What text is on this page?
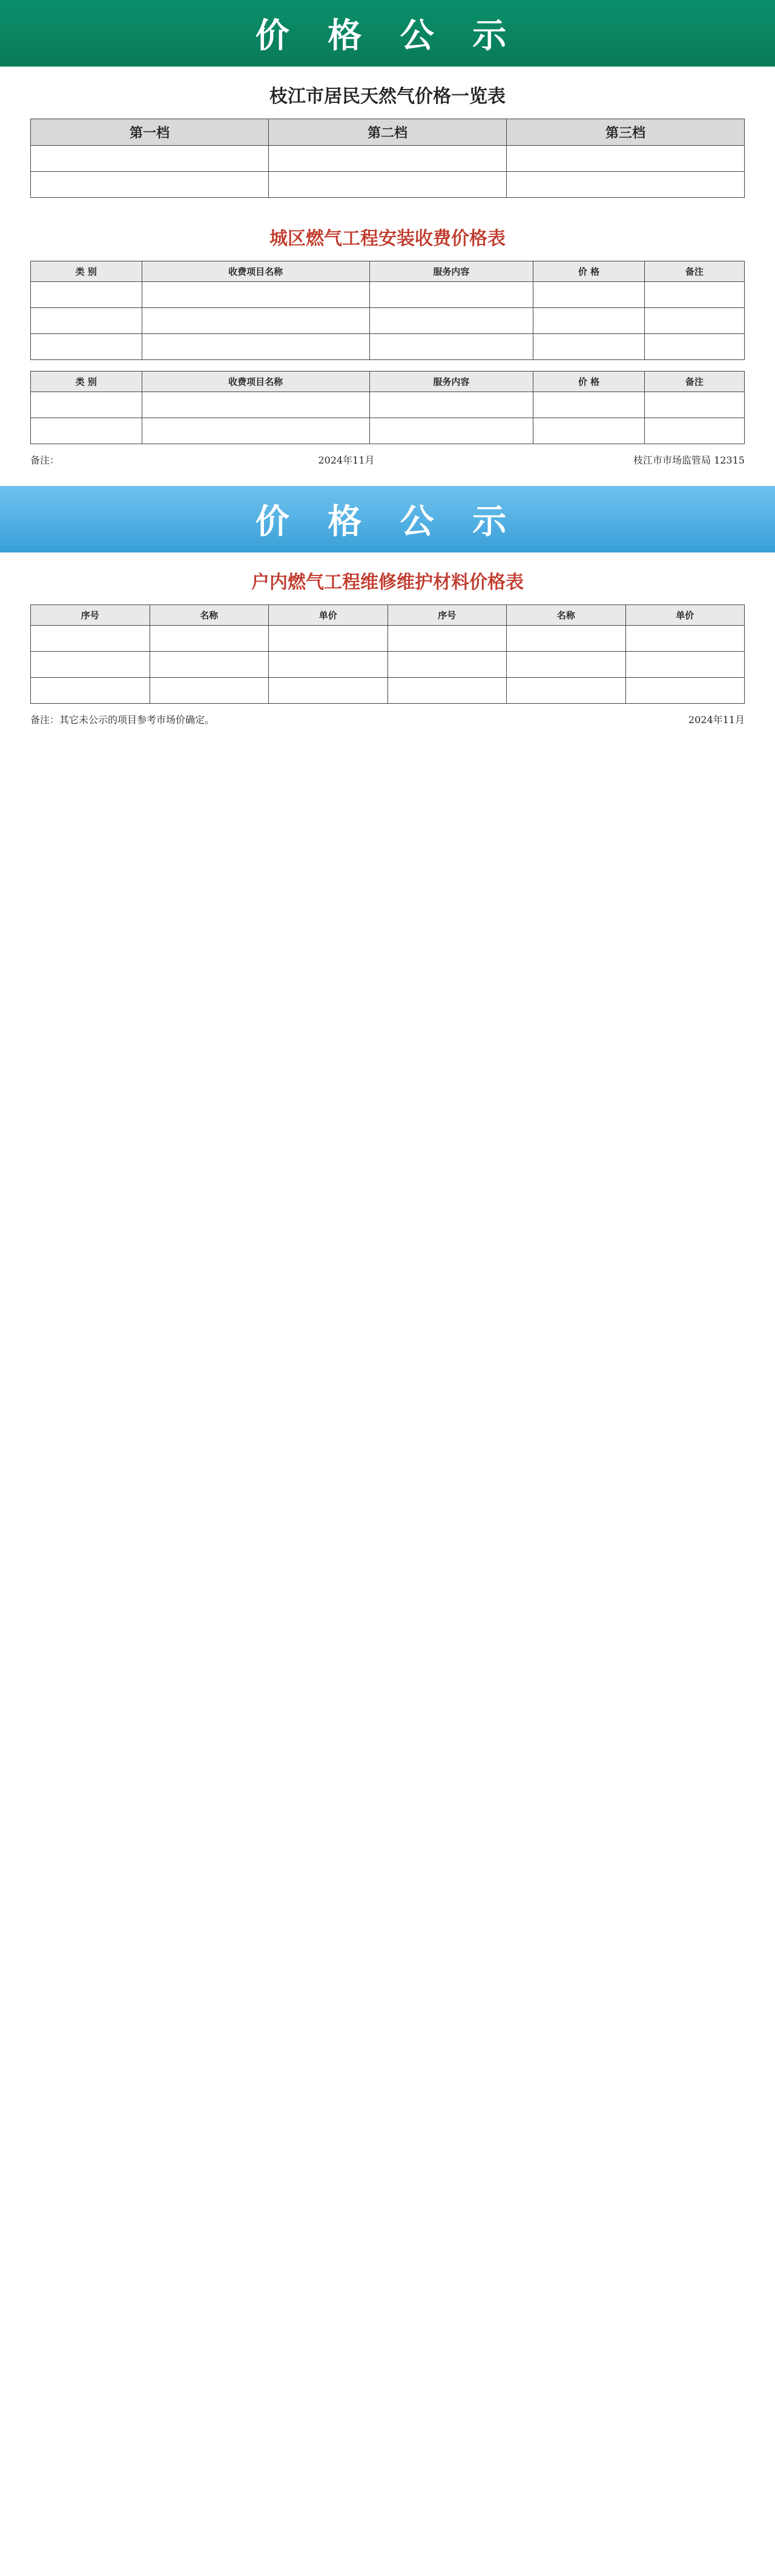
价 格 公 示
枝江市居民天然气价格一览表
第一档	第二档	第三档

城区燃气工程安装收费价格表
类 别	收费项目名称	服务内容	价 格	备注

类 别	收费项目名称	服务内容	价 格	备注

备注：	2024年11月	枝江市市场监管局 12315
价 格 公 示
户内燃气工程维修维护材料价格表
序号	名称	单价	序号	名称	单价

备注：其它未公示的项目参考市场价确定。	2024年11月
